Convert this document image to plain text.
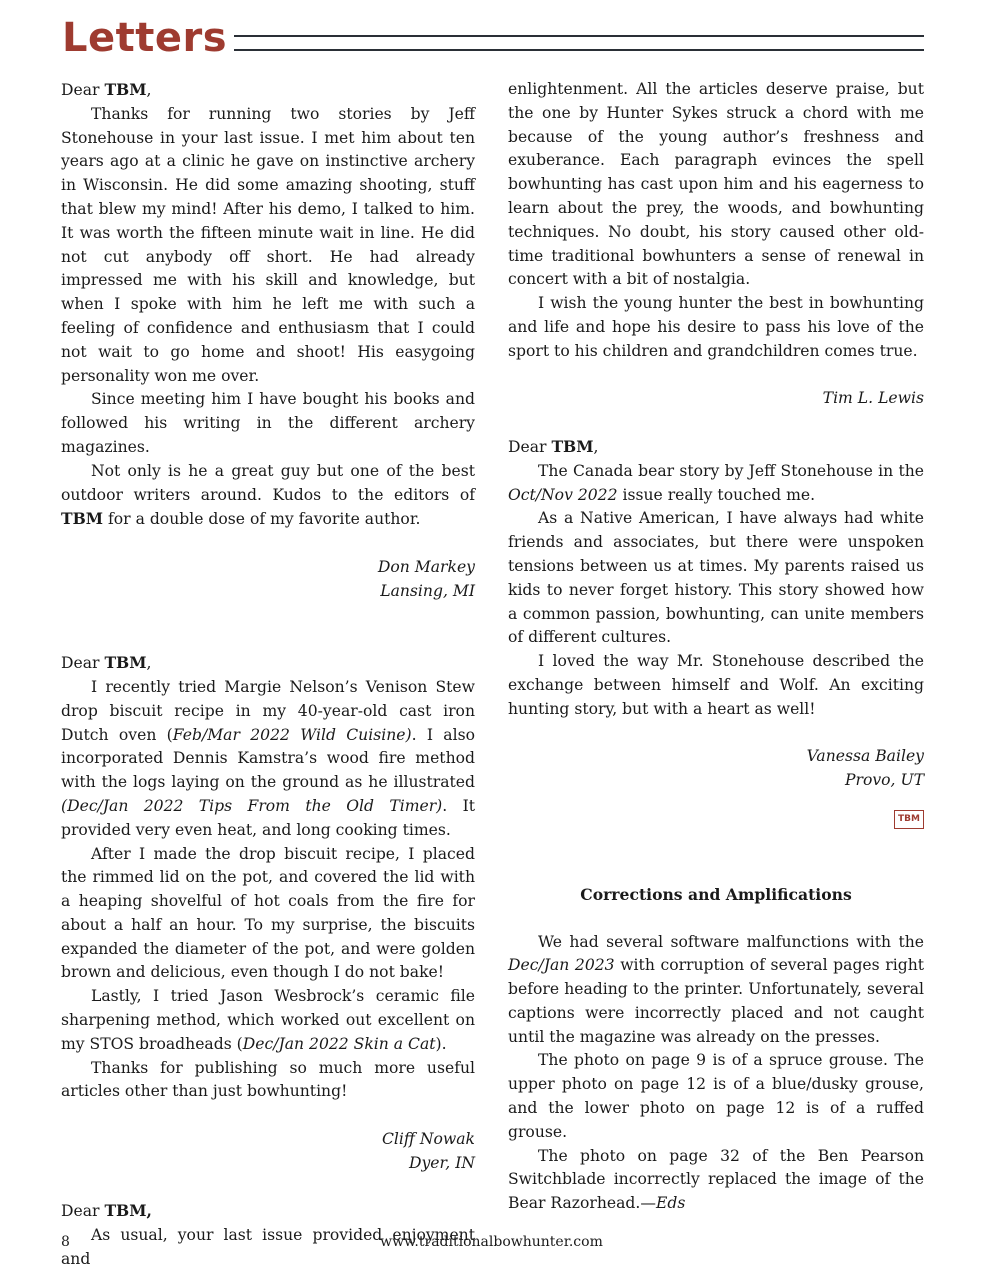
Letters

Dear TBM,

Thanks for running two stories by Jeff Stonehouse in your last issue. I met him about ten years ago at a clinic he gave on instinctive archery in Wisconsin. He did some amazing shooting, stuff that blew my mind! After his demo, I talked to him. It was worth the fifteen minute wait in line. He did not cut anybody off short. He had already impressed me with his skill and knowledge, but when I spoke with him he left me with such a feeling of confidence and enthusiasm that I could not wait to go home and shoot! His easygoing personality won me over.

Since meeting him I have bought his books and followed his writing in the different archery magazines.

Not only is he a great guy but one of the best outdoor writers around. Kudos to the editors of TBM for a double dose of my favorite author.

Don Markey

Lansing, MI

Dear TBM,

I recently tried Margie Nelson’s Venison Stew drop biscuit recipe in my 40-year-old cast iron Dutch oven (Feb/Mar 2022 Wild Cuisine). I also incorporated Dennis Kamstra’s wood fire method with the logs laying on the ground as he illustrated (Dec/Jan 2022 Tips From the Old Timer). It provided very even heat, and long cooking times.

After I made the drop biscuit recipe, I placed the rimmed lid on the pot, and covered the lid with a heaping shovelful of hot coals from the fire for about a half an hour. To my surprise, the biscuits expanded the diameter of the pot, and were golden brown and delicious, even though I do not bake!

Lastly, I tried Jason Wesbrock’s ceramic file sharpening method, which worked out excellent on my STOS broadheads (Dec/Jan 2022 Skin a Cat).

Thanks for publishing so much more useful articles other than just bowhunting!

Cliff Nowak

Dyer, IN

Dear TBM,

As usual, your last issue provided enjoyment and

enlightenment. All the articles deserve praise, but the one by Hunter Sykes struck a chord with me because of the young author’s freshness and exuberance. Each paragraph evinces the spell bowhunting has cast upon him and his eagerness to learn about the prey, the woods, and bowhunting techniques. No doubt, his story caused other old-time traditional bowhunters a sense of renewal in concert with a bit of nostalgia.

I wish the young hunter the best in bowhunting and life and hope his desire to pass his love of the sport to his children and grandchildren comes true.

Tim L. Lewis

Dear TBM,

The Canada bear story by Jeff Stonehouse in the Oct/Nov 2022 issue really touched me.

As a Native American, I have always had white friends and associates, but there were unspoken tensions between us at times. My parents raised us kids to never forget history. This story showed how a common passion, bowhunting, can unite members of different cultures.

I loved the way Mr. Stonehouse described the exchange between himself and Wolf. An exciting hunting story, but with a heart as well!

Vanessa Bailey

Provo, UT

TBM

Corrections and Amplifications

We had several software malfunctions with the Dec/Jan 2023 with corruption of several pages right before heading to the printer. Unfortunately, several captions were incorrectly placed and not caught until the magazine was already on the presses.

The photo on page 9 is of a spruce grouse. The upper photo on page 12 is of a blue/dusky grouse, and the lower photo on page 12 is of a ruffed grouse.

The photo on page 32 of the Ben Pearson Switchblade incorrectly replaced the image of the Bear Razorhead.—Eds

www.traditionalbowhunter.com
8
